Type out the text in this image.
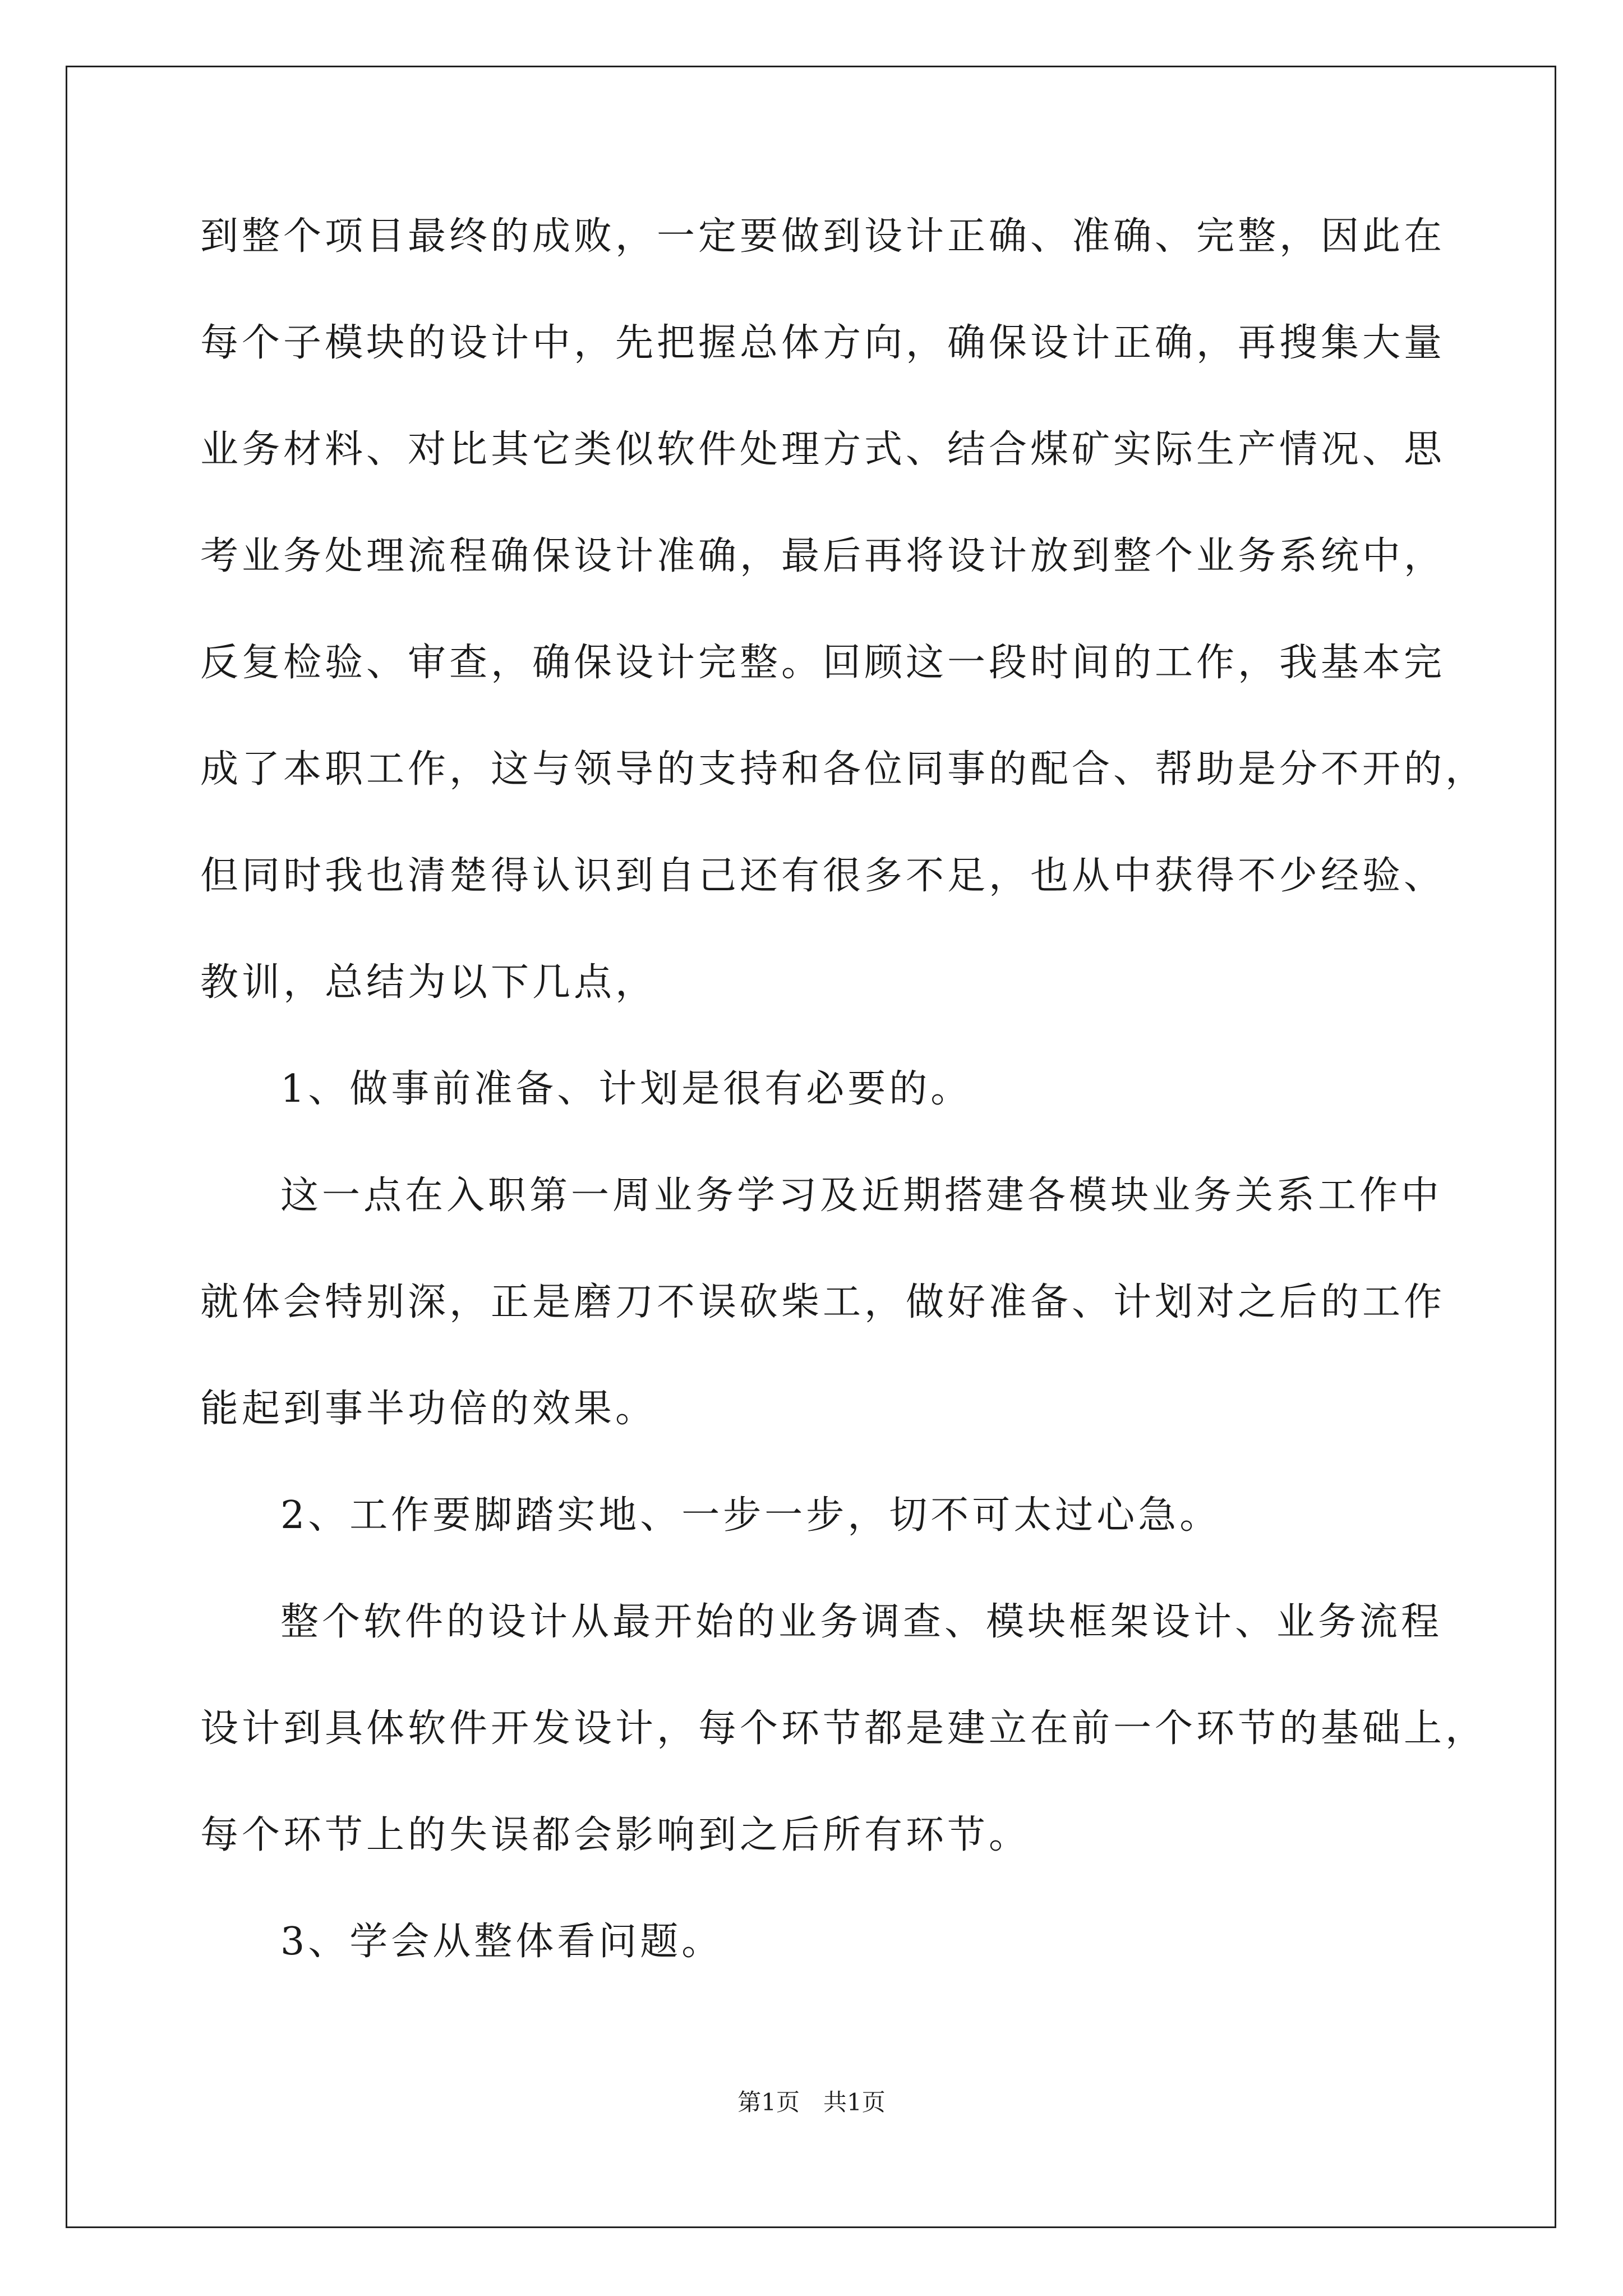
到整个项目最终的成败，一定要做到设计正确、准确、完整，因此在
每个子模块的设计中，先把握总体方向，确保设计正确，再搜集大量
业务材料、对比其它类似软件处理方式、结合煤矿实际生产情况、思
考业务处理流程确保设计准确，最后再将设计放到整个业务系统中，
反复检验、审查，确保设计完整。回顾这一段时间的工作，我基本完
成了本职工作，这与领导的支持和各位同事的配合、帮助是分不开的，
但同时我也清楚得认识到自己还有很多不足，也从中获得不少经验、
教训，总结为以下几点，
1、做事前准备、计划是很有必要的。
这一点在入职第一周业务学习及近期搭建各模块业务关系工作中
就体会特别深，正是磨刀不误砍柴工，做好准备、计划对之后的工作
能起到事半功倍的效果。
2、工作要脚踏实地、一步一步，切不可太过心急。
整个软件的设计从最开始的业务调查、模块框架设计、业务流程
设计到具体软件开发设计，每个环节都是建立在前一个环节的基础上，
每个环节上的失误都会影响到之后所有环节。
3、学会从整体看问题。
第1页　共1页
